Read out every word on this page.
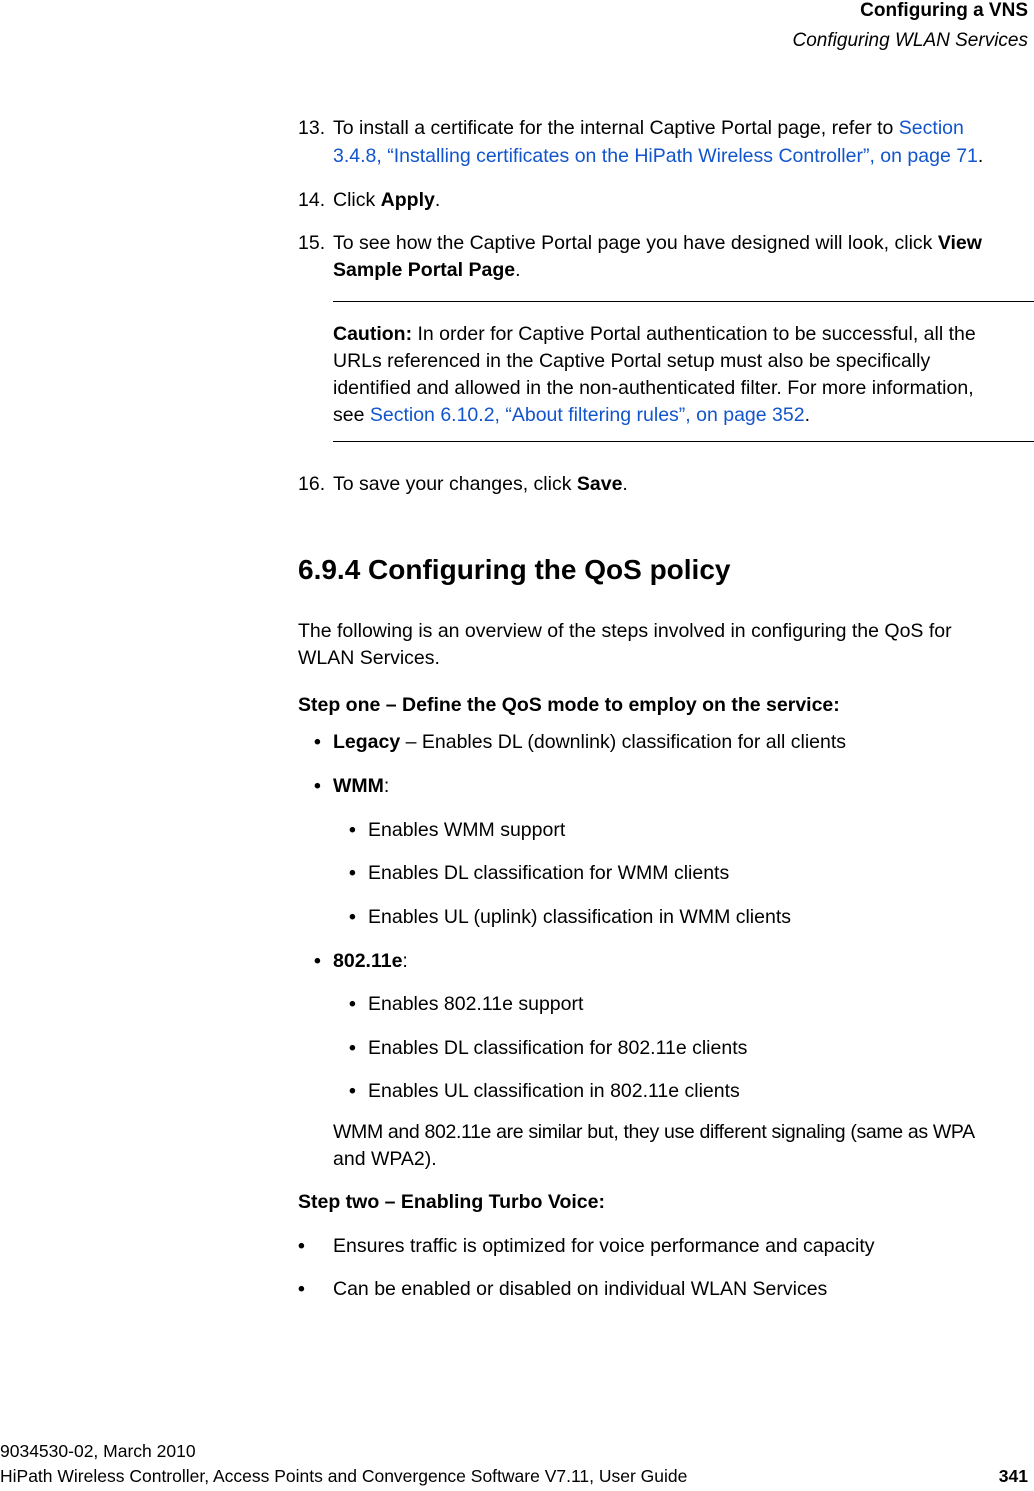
Configuring a VNS
Configuring WLAN Services
13. To install a certificate for the internal Captive Portal page, refer to Section
3.4.8, “Installing certificates on the HiPath Wireless Controller”, on page 71.
14. Click Apply.
15. To see how the Captive Portal page you have designed will look, click View
Sample Portal Page.
Caution: In order for Captive Portal authentication to be successful, all the
URLs referenced in the Captive Portal setup must also be specifically
identified and allowed in the non-authenticated filter. For more information,
see Section 6.10.2, “About filtering rules”, on page 352.
16. To save your changes, click Save.
6.9.4 Configuring the QoS policy
The following is an overview of the steps involved in configuring the QoS for
WLAN Services.
Step one – Define the QoS mode to employ on the service:
• Legacy – Enables DL (downlink) classification for all clients
• WMM:
• Enables WMM support
• Enables DL classification for WMM clients
• Enables UL (uplink) classification in WMM clients
• 802.11e:
• Enables 802.11e support
• Enables DL classification for 802.11e clients
• Enables UL classification in 802.11e clients
WMM and 802.11e are similar but, they use different signaling (same as WPA
and WPA2).
Step two – Enabling Turbo Voice:
• Ensures traffic is optimized for voice performance and capacity
• Can be enabled or disabled on individual WLAN Services
9034530-02, March 2010
HiPath Wireless Controller, Access Points and Convergence Software V7.11, User Guide	341
